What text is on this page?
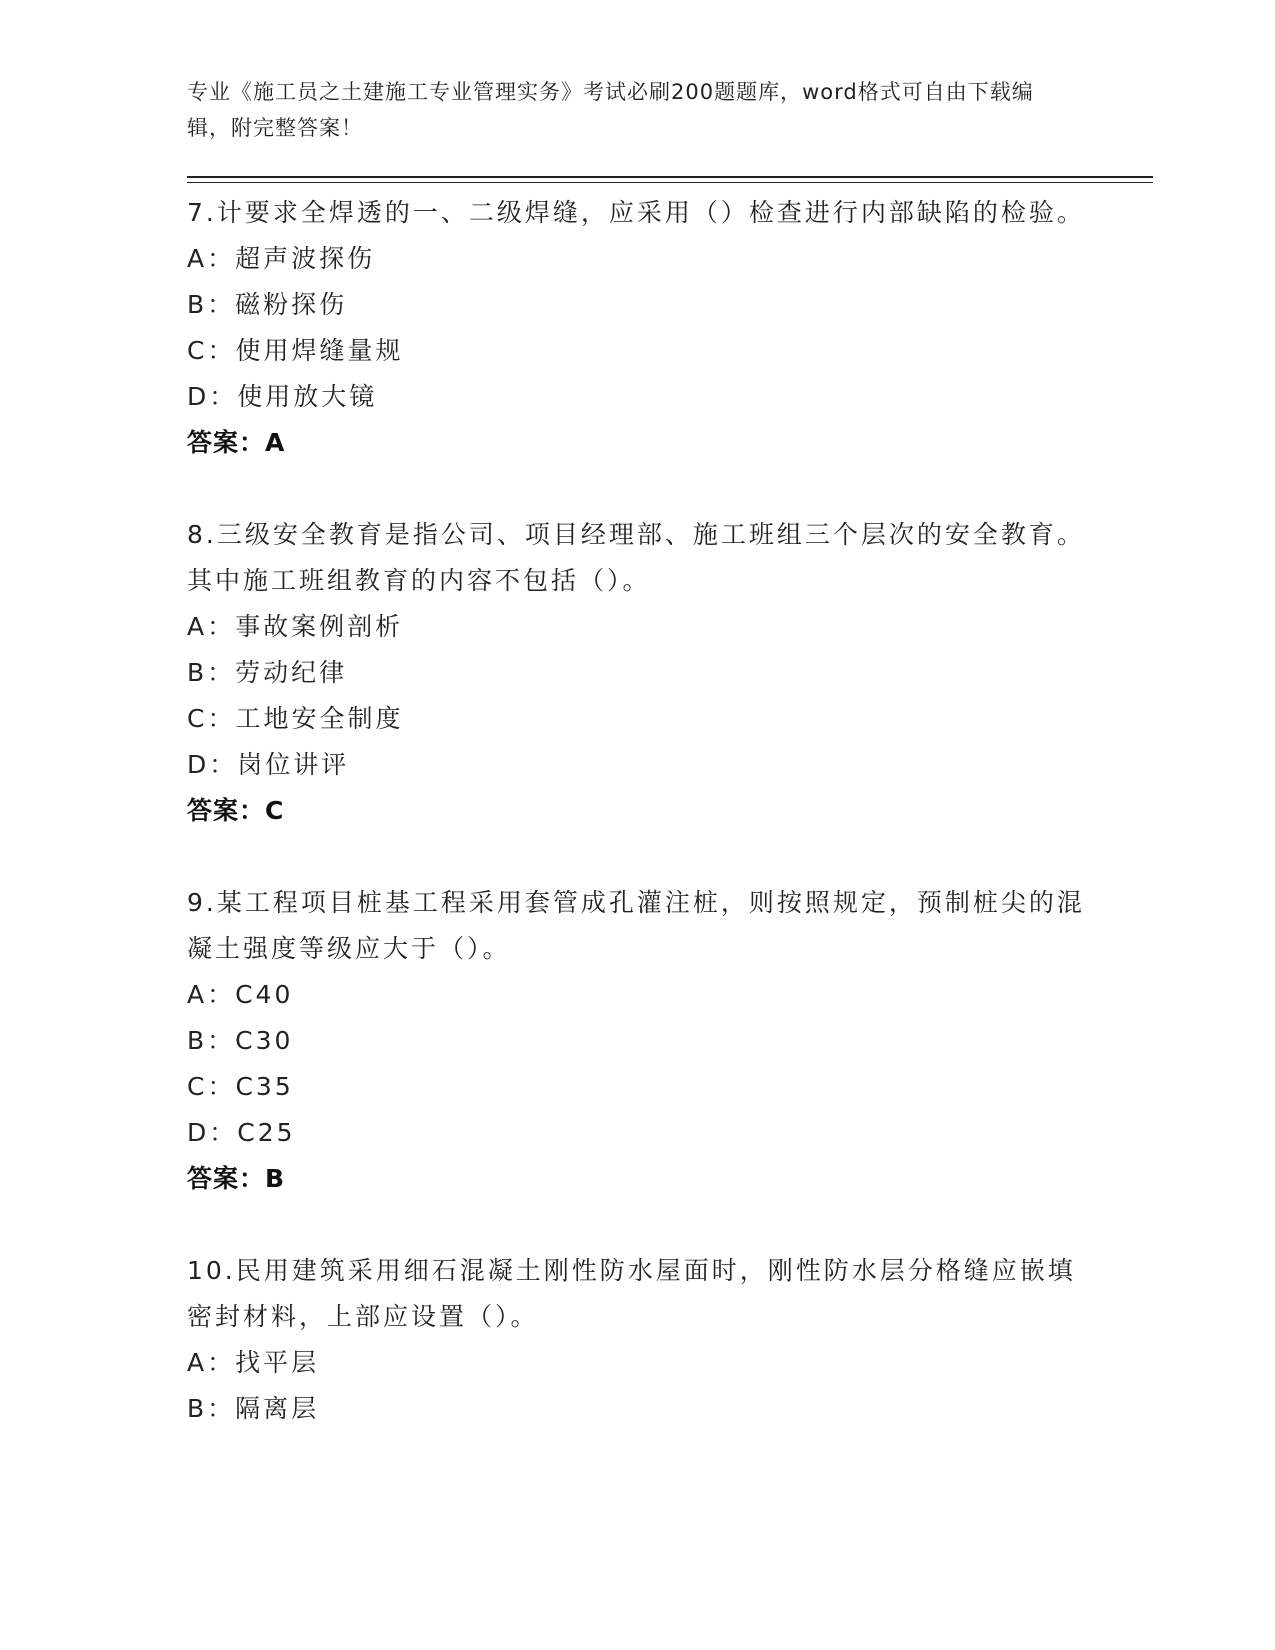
专业《施工员之土建施工专业管理实务》考试必刷200题题库，word格式可自由下载编辑，附完整答案！

7.计要求全焊透的一、二级焊缝，应采用（）检查进行内部缺陷的检验。

A：超声波探伤

B：磁粉探伤

C：使用焊缝量规

D：使用放大镜

答案：A

8.三级安全教育是指公司、项目经理部、施工班组三个层次的安全教育。其中施工班组教育的内容不包括（）。

A：事故案例剖析

B：劳动纪律

C：工地安全制度

D：岗位讲评

答案：C

9.某工程项目桩基工程采用套管成孔灌注桩，则按照规定，预制桩尖的混凝土强度等级应大于（）。

A：C40

B：C30

C：C35

D：C25

答案：B

10.民用建筑采用细石混凝土刚性防水屋面时，刚性防水层分格缝应嵌填密封材料，上部应设置（）。

A：找平层

B：隔离层
